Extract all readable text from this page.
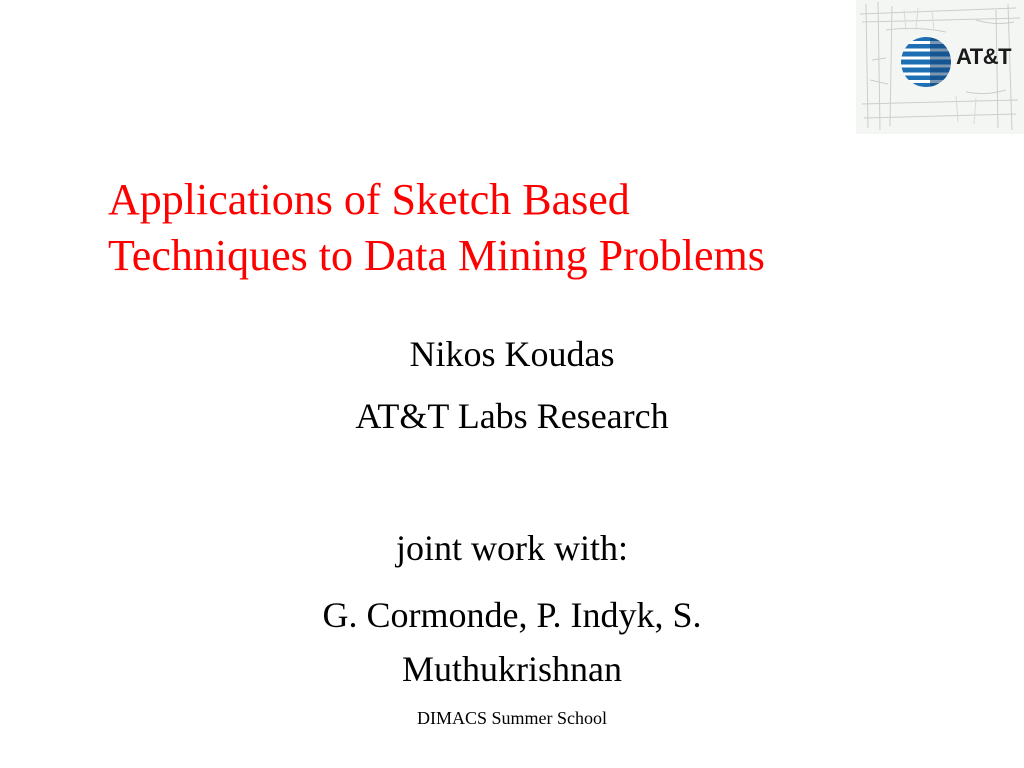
AT&T
Applications of Sketch Based
Techniques to Data Mining Problems
Nikos Koudas
AT&T Labs Research
joint work with:
G. Cormonde, P. Indyk, S.
Muthukrishnan
DIMACS Summer School
